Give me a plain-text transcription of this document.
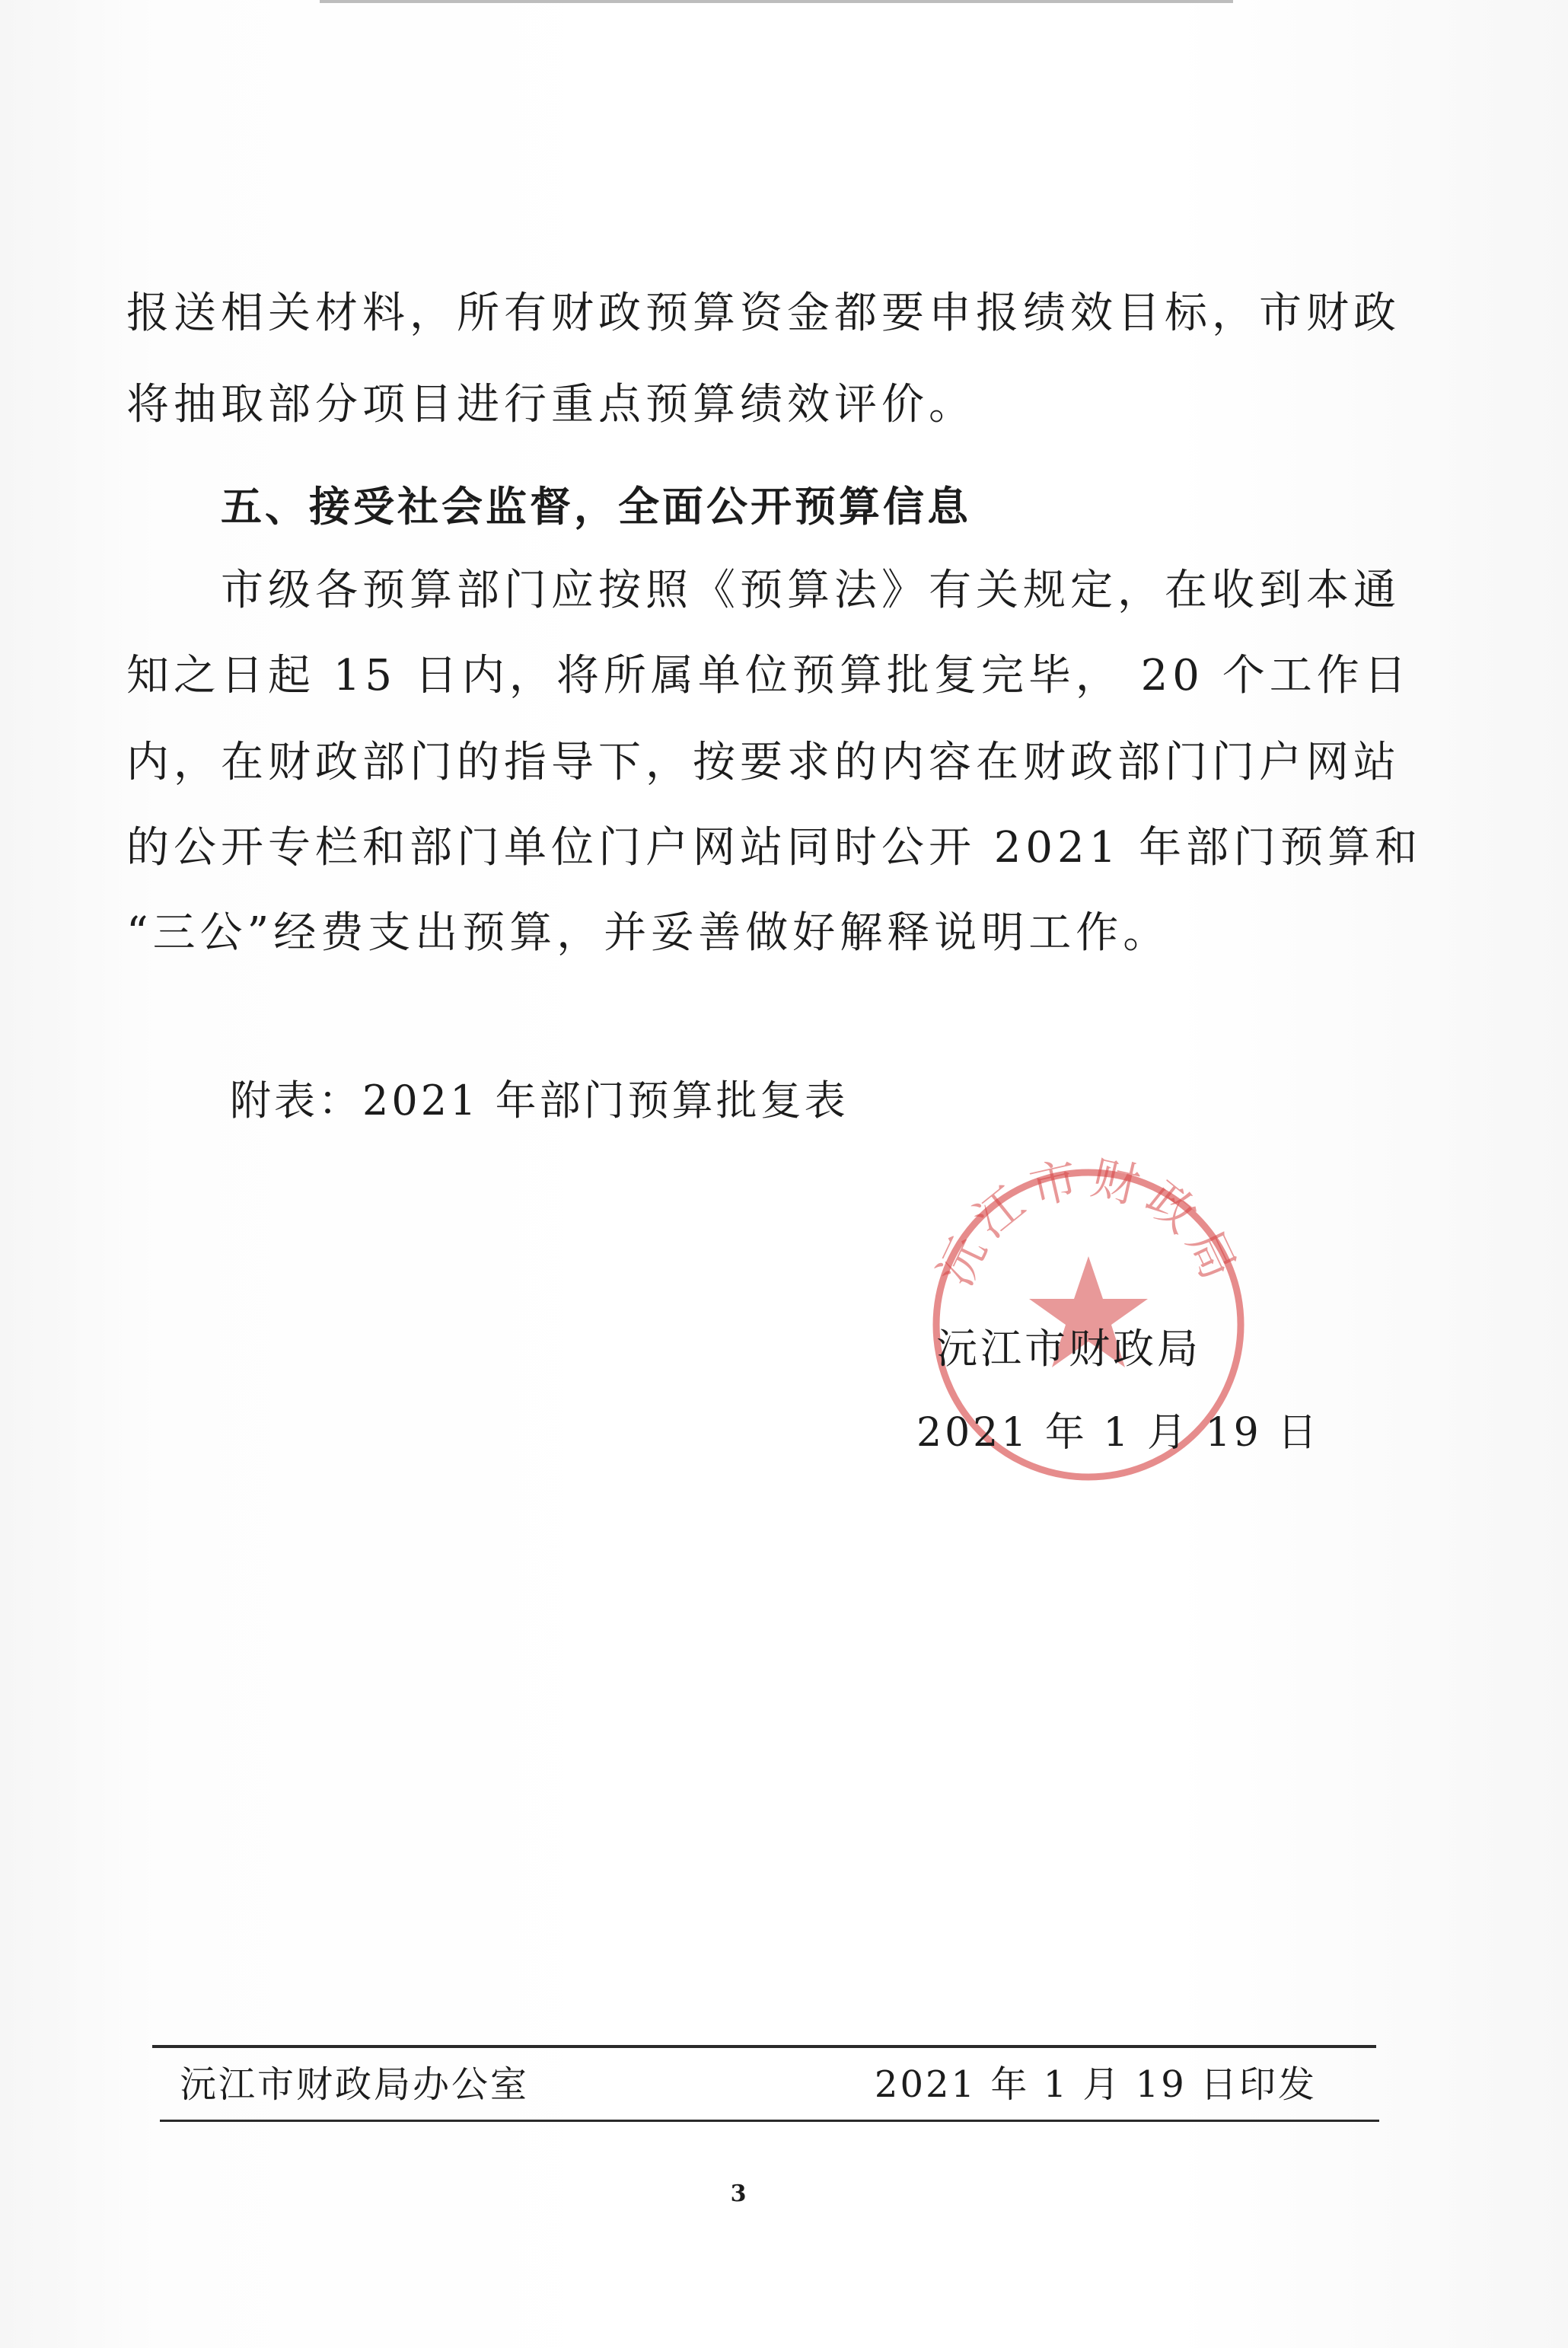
报送相关材料，所有财政预算资金都要申报绩效目标，市财政
将抽取部分项目进行重点预算绩效评价。
五、接受社会监督，全面公开预算信息
市级各预算部门应按照《预算法》有关规定，在收到本通
知之日起 15 日内，将所属单位预算批复完毕， 20 个工作日
内，在财政部门的指导下，按要求的内容在财政部门门户网站
的公开专栏和部门单位门户网站同时公开 2021 年部门预算和
“三公”经费支出预算，并妥善做好解释说明工作。
附表：2021 年部门预算批复表
沅江市财政局
沅江市财政局
2021 年 1 月 19 日
沅江市财政局办公室	2021 年 1 月 19 日印发
3
